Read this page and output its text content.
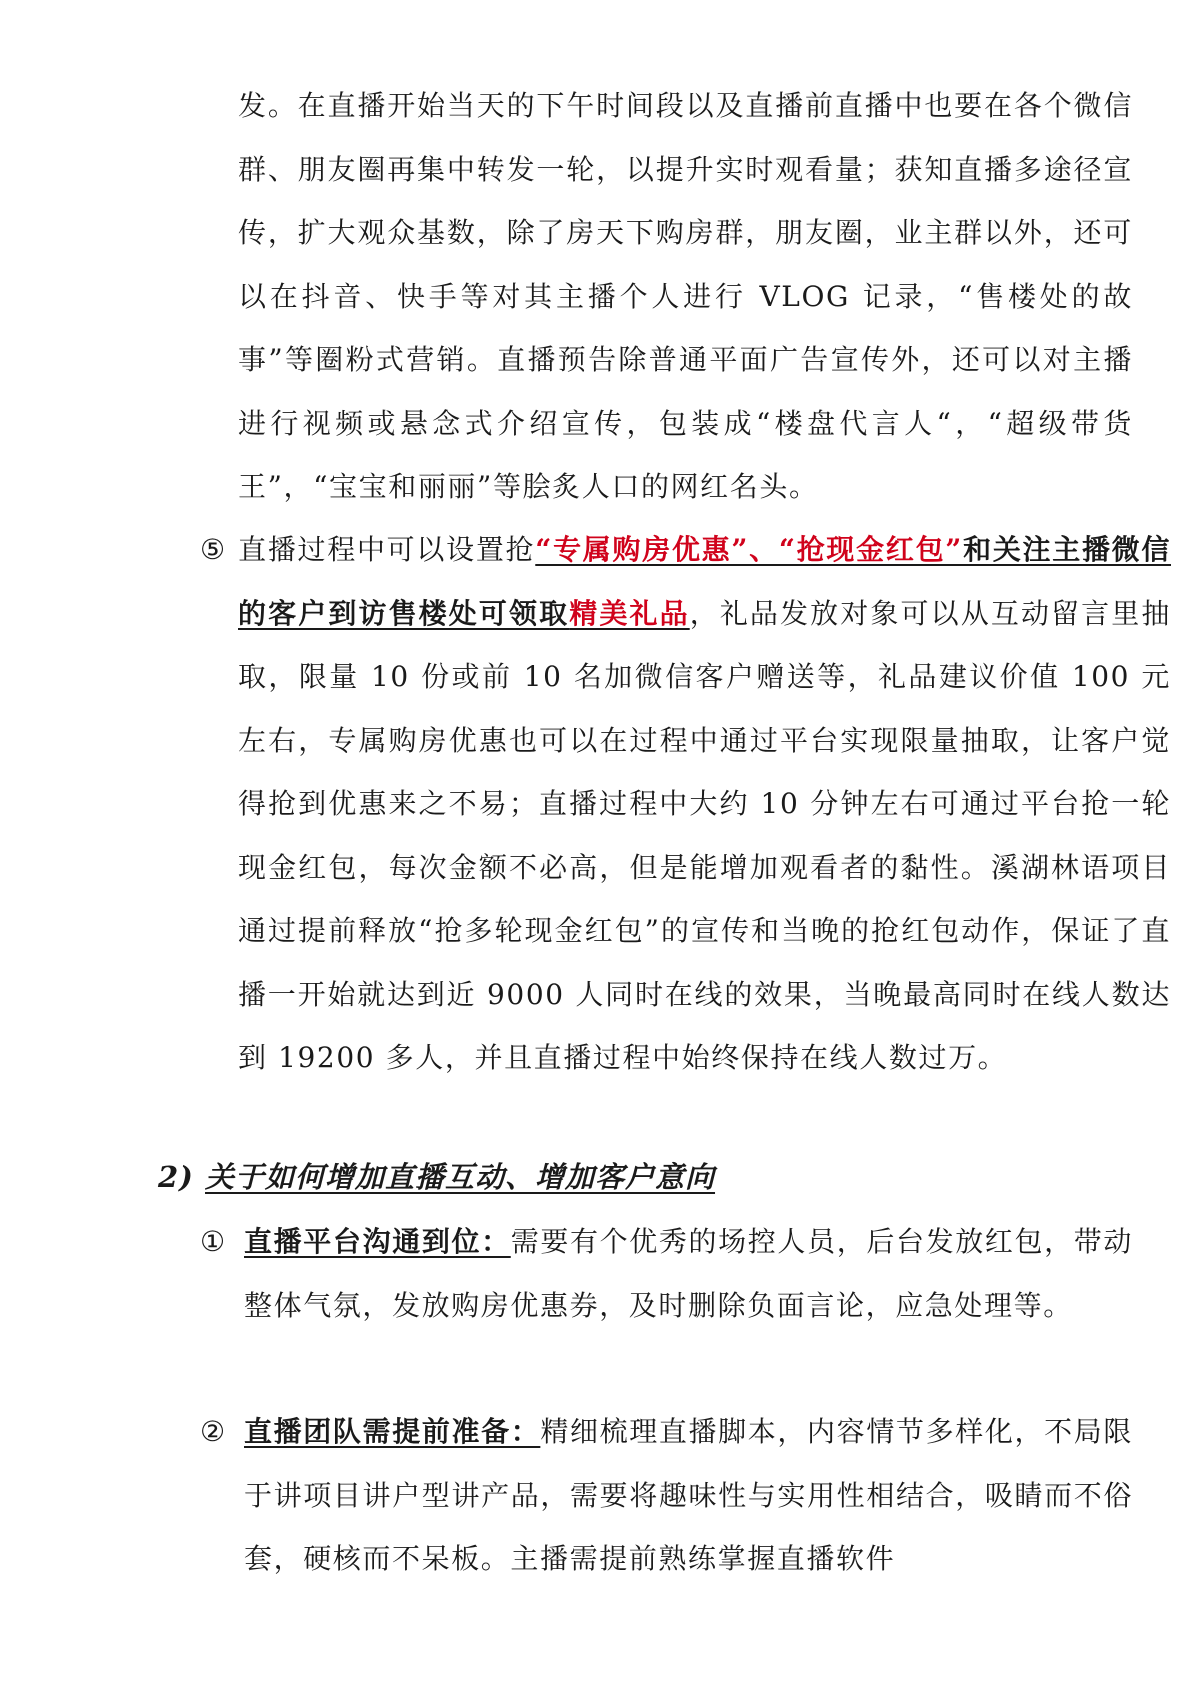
发。在直播开始当天的下午时间段以及直播前直播中也要在各个微信群、朋友圈再集中转发一轮，以提升实时观看量；获知直播多途径宣传，扩大观众基数，除了房天下购房群，朋友圈，业主群以外，还可以在抖音、快手等对其主播个人进行 VLOG 记录，“售楼处的故事”等圈粉式营销。直播预告除普通平面广告宣传外，还可以对主播进行视频或悬念式介绍宣传，包装成“楼盘代言人“，“超级带货王”，“宝宝和丽丽”等脍炙人口的网红名头。

⑤ 直播过程中可以设置抢“专属购房优惠”、“抢现金红包”和关注主播微信的客户到访售楼处可领取精美礼品，礼品发放对象可以从互动留言里抽取，限量 10 份或前 10 名加微信客户赠送等，礼品建议价值 100 元左右，专属购房优惠也可以在过程中通过平台实现限量抽取，让客户觉得抢到优惠来之不易；直播过程中大约 10 分钟左右可通过平台抢一轮现金红包，每次金额不必高，但是能增加观看者的黏性。溪湖林语项目通过提前释放“抢多轮现金红包”的宣传和当晚的抢红包动作，保证了直播一开始就达到近 9000 人同时在线的效果，当晚最高同时在线人数达到 19200 多人，并且直播过程中始终保持在线人数过万。

2) 关于如何增加直播互动、增加客户意向

① 直播平台沟通到位：需要有个优秀的场控人员，后台发放红包，带动整体气氛，发放购房优惠券，及时删除负面言论，应急处理等。

② 直播团队需提前准备：精细梳理直播脚本，内容情节多样化，不局限于讲项目讲户型讲产品，需要将趣味性与实用性相结合，吸睛而不俗套，硬核而不呆板。主播需提前熟练掌握直播软件
